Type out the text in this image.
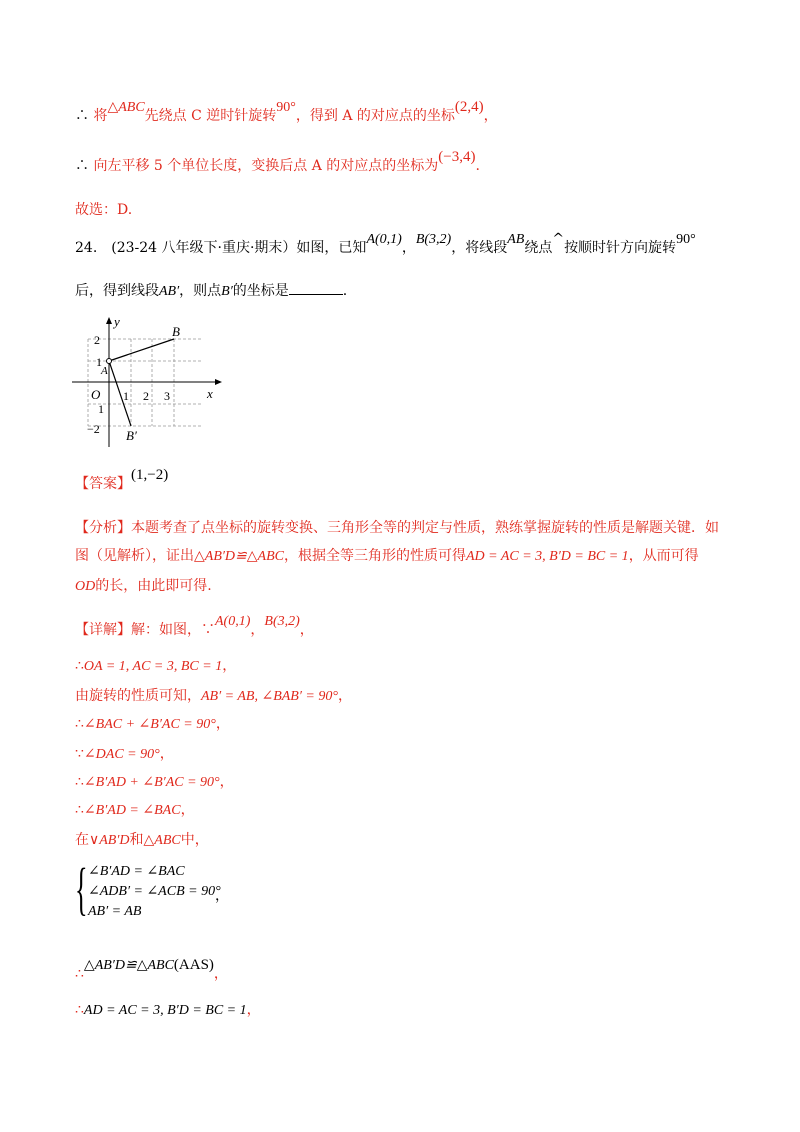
∴ 将△ABC先绕点 C 逆时针旋转90°，得到 A 的对应点的坐标(2,4)，
∴ 向左平移 5 个单位长度，变换后点 A 的对应点的坐标为(−3,4).
故选：D.
24.　(23-24 八年级下·重庆·期末）如图，已知A(0,1)，B(3,2)，将线段AB绕点^按顺时针方向旋转90°
后，得到线段AB′，则点B′的坐标是	.
y
x
O
B
A
B′
1 2 3
2
1
1
−2
【答案】(1,−2)
【分析】本题考查了点坐标的旋转变换、三角形全等的判定与性质，熟练掌握旋转的性质是解题关键．如
图（见解析），证出△AB′D≌△ABC，根据全等三角形的性质可得AD = AC = 3, B′D = BC = 1，从而可得
OD的长，由此即可得.
【详解】解：如图，∵A(0,1)，B(3,2)，
∴OA = 1, AC = 3, BC = 1，
由旋转的性质可知，AB′ = AB, ∠BAB′ = 90°，
∴∠BAC + ∠B′AC = 90°，
∵∠DAC = 90°，
∴∠B′AD + ∠B′AC = 90°，
∴∠B′AD = ∠BAC，
在∨AB′D和△ABC中，
{ ∠B′AD = ∠BAC
∠ADB′ = ∠ACB = 90°
AB′ = AB
，
∴△AB′D≌△ABC(AAS)，
∴AD = AC = 3, B′D = BC = 1，
